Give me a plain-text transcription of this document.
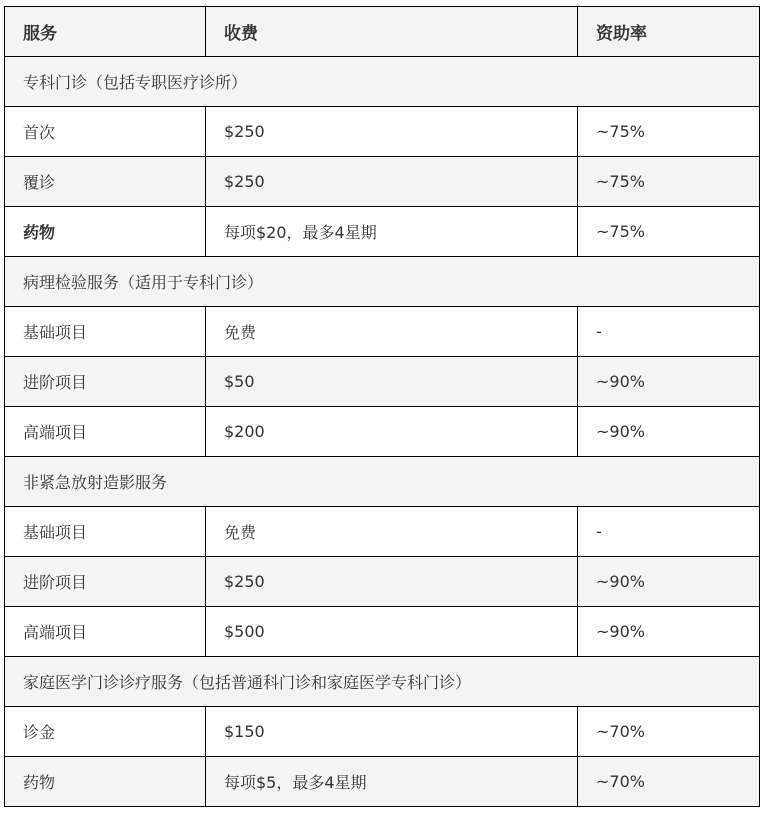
服务	收费	资助率
专科门诊（包括专职医疗诊所）		
首次	$250	~75%
覆诊	$250	~75%
药物	每项$20，最多4星期	~75%
病理检验服务（适用于专科门诊）		
基础项目	免费	-
进阶项目	$50	~90%
高端项目	$200	~90%
非紧急放射造影服务		
基础项目	免费	-
进阶项目	$250	~90%
高端项目	$500	~90%
家庭医学门诊诊疗服务（包括普通科门诊和家庭医学专科门诊）		
诊金	$150	~70%
药物	每项$5，最多4星期	~70%
